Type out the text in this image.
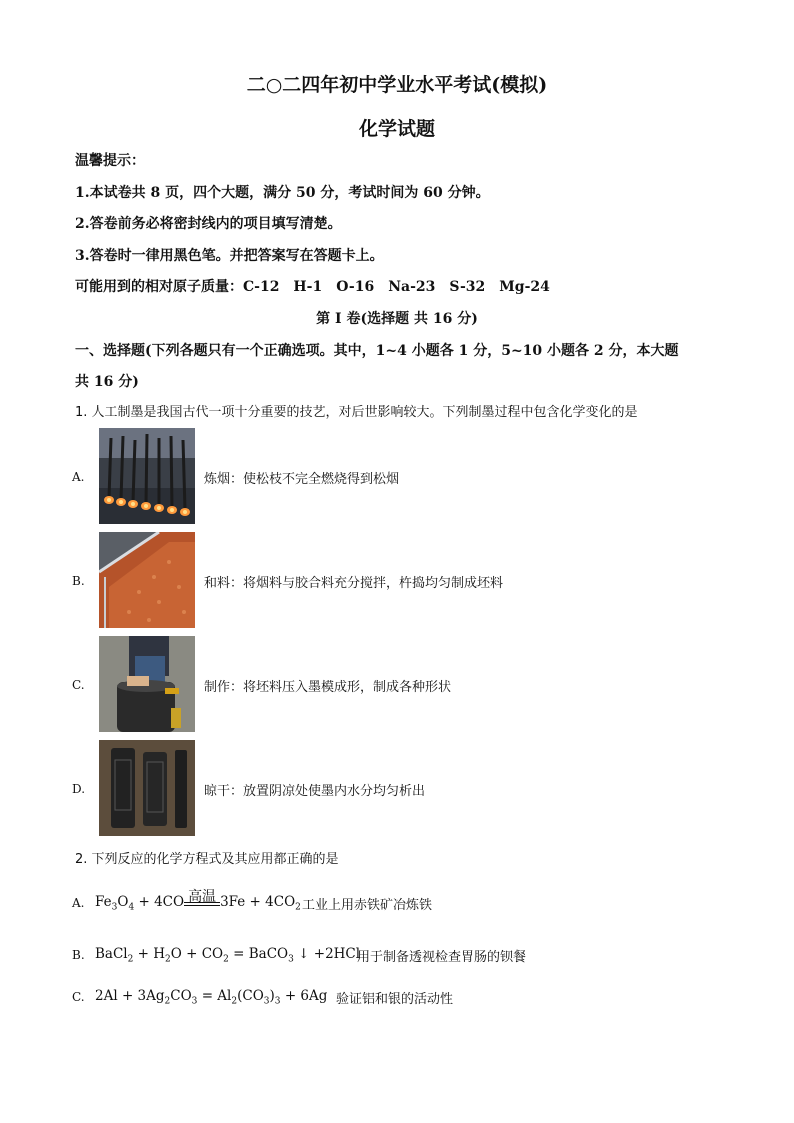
二○二四年初中学业水平考试(模拟)
化学试题
温馨提示：
1.本试卷共 8 页，四个大题，满分 50 分，考试时间为 60 分钟。
2.答卷前务必将密封线内的项目填写清楚。
3.答卷时一律用黑色笔。并把答案写在答题卡上。
可能用到的相对原子质量：C-12　H-1　O-16　Na-23　S-32　Mg-24
第 I 卷(选择题 共 16 分)
一、选择题(下列各题只有一个正确选项。其中，1~4 小题各 1 分，5~10 小题各 2 分，本大题
共 16 分)
1. 人工制墨是我国古代一项十分重要的技艺，对后世影响较大。下列制墨过程中包含化学变化的是
A.	炼烟：使松枝不完全燃烧得到松烟
B.	和料：将烟料与胶合料充分搅拌，杵捣均匀制成坯料
C.	制作：将坯料压入墨模成形，制成各种形状
D.	晾干：放置阴凉处使墨内水分均匀析出
2. 下列反应的化学方程式及其应用都正确的是
A. $Fe_3O_4 + 4CO$ 高温 $3Fe + 4CO_2$ 工业上用赤铁矿冶炼铁
B. BaCl$_2$ + $H_2O + CO_2$ = BaCO$_3$ ↓ +2HCl
用于制备透视检查胃肠的钡餐
C. $2Al + 3Ag_2CO_3 = Al_2(CO_3)_3 + 6Ag$ 验证铝和银的活动性
